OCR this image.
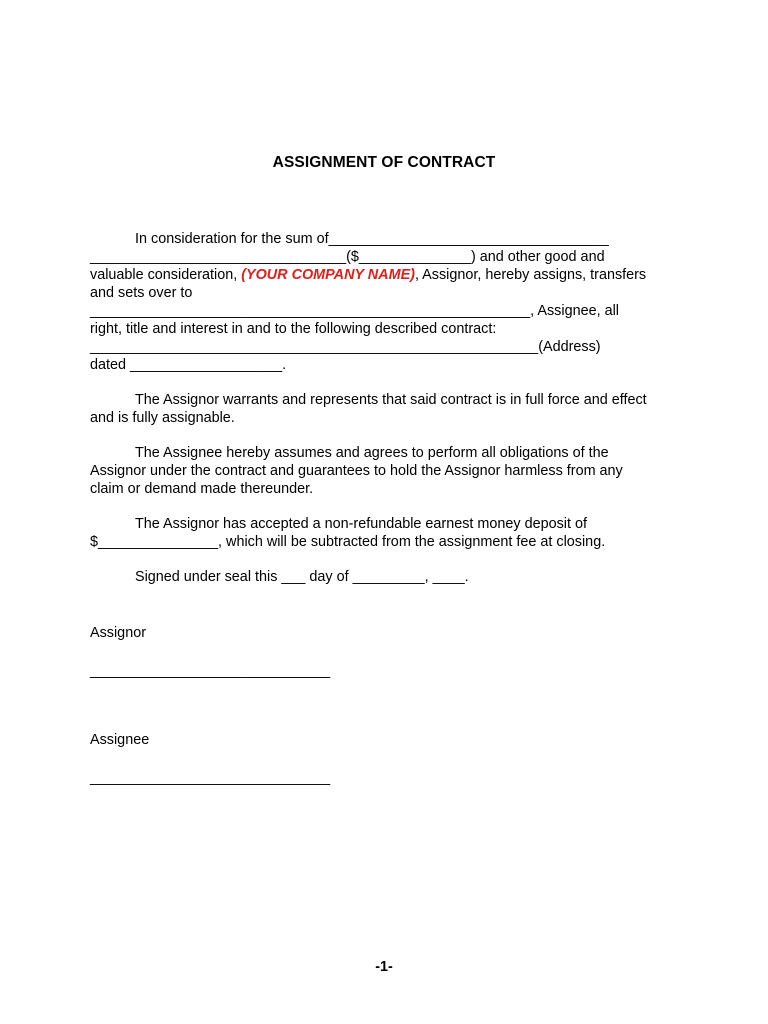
ASSIGNMENT OF CONTRACT
In consideration for the sum of___________________________________
________________________________($______________) and other good and
valuable consideration, (YOUR COMPANY NAME), Assignor, hereby assigns, transfers
and sets over to
_______________________________________________________, Assignee, all
right, title and interest in and to the following described contract:
________________________________________________________(Address)
dated ___________________.
The Assignor warrants and represents that said contract is in full force and effect
and is fully assignable.
The Assignee hereby assumes and agrees to perform all obligations of the
Assignor under the contract and guarantees to hold the Assignor harmless from any
claim or demand made thereunder.
The Assignor has accepted a non-refundable earnest money deposit of
$_______________, which will be subtracted from the assignment fee at closing.
Signed under seal this ___ day of _________, ____.
Assignor
______________________________
Assignee
______________________________
-1-
